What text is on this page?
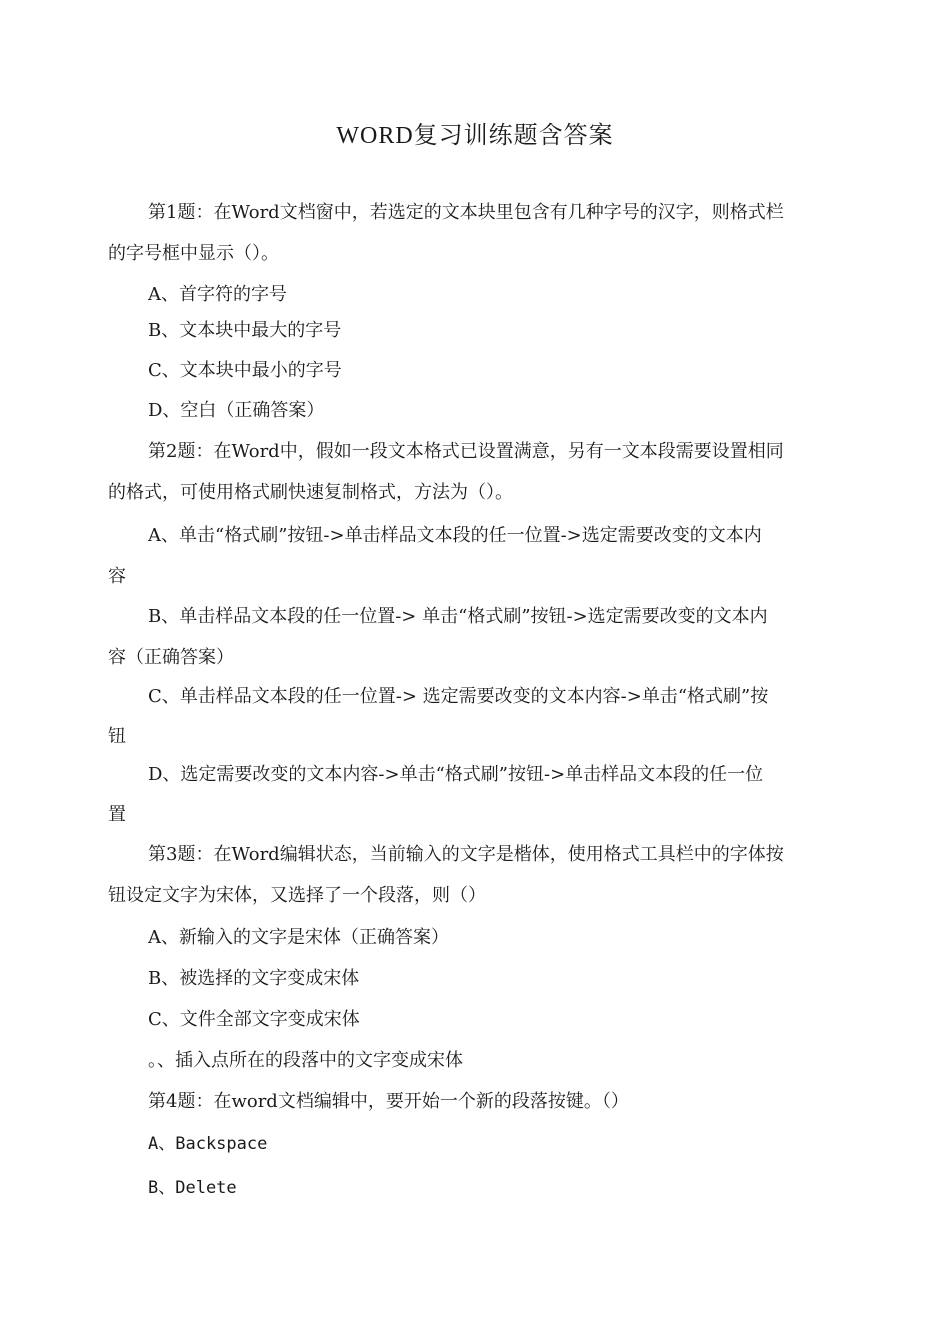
WORD复习训练题含答案
第1题：在Word文档窗中，若选定的文本块里包含有几种字号的汉字，则格式栏
的字号框中显示（）。
A、首字符的字号
B、文本块中最大的字号
C、文本块中最小的字号
D、空白（正确答案）
第2题：在Word中，假如一段文本格式已设置满意，另有一文本段需要设置相同
的格式，可使用格式刷快速复制格式，方法为（）。
A、单击“格式刷”按钮->单击样品文本段的任一位置->选定需要改变的文本内
容
B、单击样品文本段的任一位置-> 单击“格式刷”按钮->选定需要改变的文本内
容（正确答案）
C、单击样品文本段的任一位置-> 选定需要改变的文本内容->单击“格式刷”按
钮
D、选定需要改变的文本内容->单击“格式刷”按钮->单击样品文本段的任一位
置
第3题：在Word编辑状态，当前输入的文字是楷体，使用格式工具栏中的字体按
钮设定文字为宋体，又选择了一个段落，则（）
A、新输入的文字是宋体（正确答案）
B、被选择的文字变成宋体
C、文件全部文字变成宋体
。、插入点所在的段落中的文字变成宋体
第4题：在word文档编辑中，要开始一个新的段落按键。（）
A、Backspace
B、Delete
